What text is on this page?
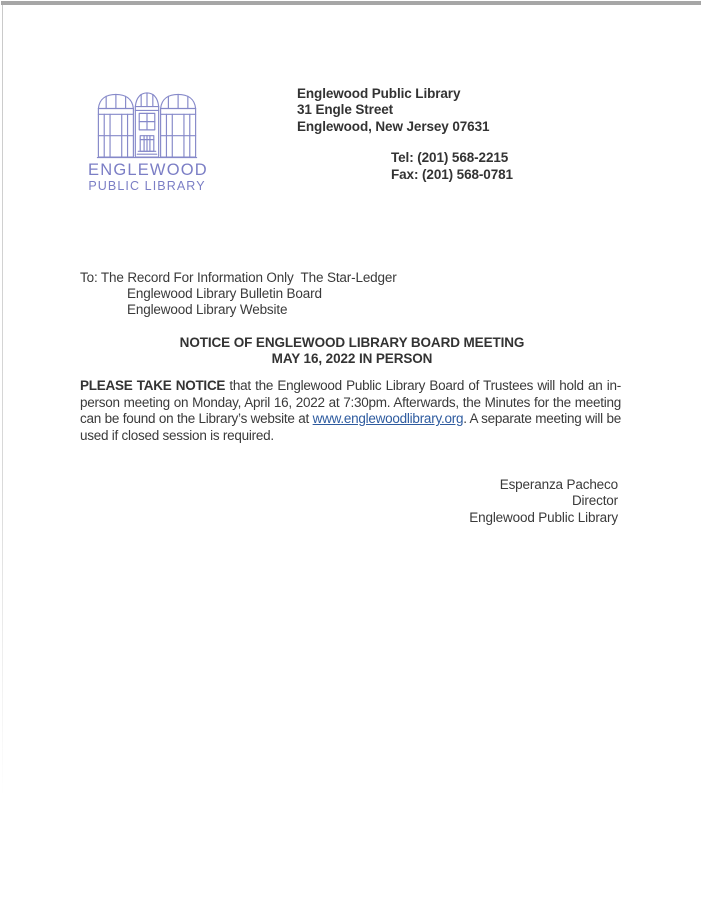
ENGLEWOOD
PUBLIC LIBRARY
Englewood Public Library
31 Engle Street
Englewood, New Jersey 07631
Tel: (201) 568-2215
Fax: (201) 568-0781
To: The Record For Information Only  The Star-Ledger
Englewood Library Bulletin Board
Englewood Library Website
NOTICE OF ENGLEWOOD LIBRARY BOARD MEETING
MAY 16, 2022 IN PERSON
PLEASE TAKE NOTICE that the Englewood Public Library Board of Trustees will hold an in-person meeting on Monday, April 16, 2022 at 7:30pm. Afterwards, the Minutes for the meeting can be found on the Library’s website at www.englewoodlibrary.org. A separate meeting will be used if closed session is required.
Esperanza Pacheco
Director
Englewood Public Library
